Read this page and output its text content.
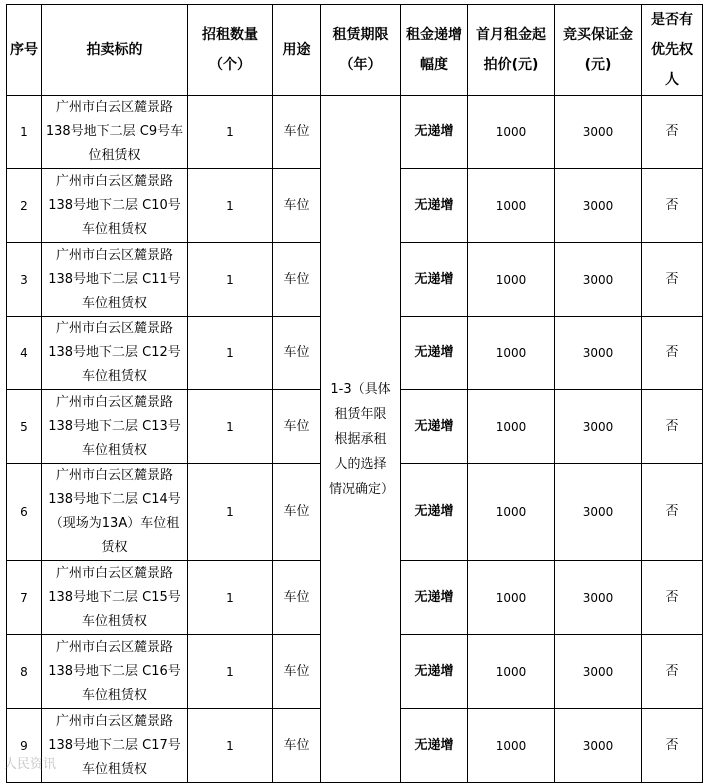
序号	拍卖标的	招租数量（个）	用途	租赁期限（年）	租金递增幅度	首月租金起拍价(元)	竞买保证金(元)	是否有优先权人
1	广州市白云区麓景路138号地下二层 C9号车位租赁权	1	车位	1-3（具体租赁年限根据承租人的选择情况确定）	无递增	1000	3000	否
2	广州市白云区麓景路138号地下二层 C10号车位租赁权	1	车位		无递增	1000	3000	否
3	广州市白云区麓景路138号地下二层 C11号车位租赁权	1	车位		无递增	1000	3000	否
4	广州市白云区麓景路138号地下二层 C12号车位租赁权	1	车位		无递增	1000	3000	否
5	广州市白云区麓景路138号地下二层 C13号车位租赁权	1	车位		无递增	1000	3000	否
6	广州市白云区麓景路138号地下二层 C14号（现场为13A）车位租赁权	1	车位		无递增	1000	3000	否
7	广州市白云区麓景路138号地下二层 C15号车位租赁权	1	车位		无递增	1000	3000	否
8	广州市白云区麓景路138号地下二层 C16号车位租赁权	1	车位		无递增	1000	3000	否
9	广州市白云区麓景路138号地下二层 C17号车位租赁权	1	车位		无递增	1000	3000	否
人民资讯
